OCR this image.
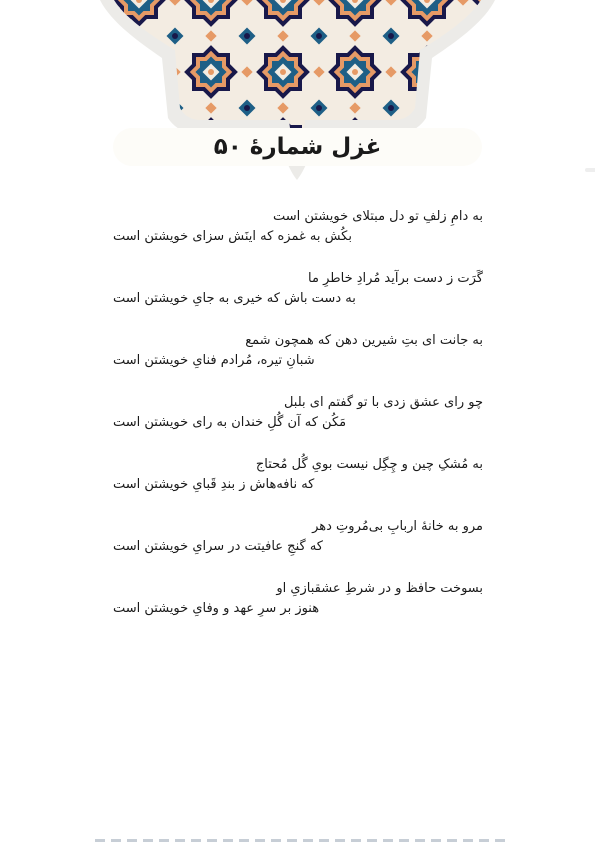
غزل شمارهٔ ۵۰
به دامِ زلفِ تو دل مبتلای خویشتن است
بکُش به غمزه که اینَش سزای خویشتن است
گَرَت ز دست برآید مُرادِ خاطرِ ما
به دست باش که خیری به جایِ خویشتن است
به جانت ای بتِ شیرین دهن که همچون شمع
شبانِ تیره، مُرادم فنایِ خویشتن است
چو رای عشق زدی با تو گفتم ای بلبل
مَکُن که آن گُلِ خندان به رای خویشتن است
به مُشکِ چین و چِگِل نیست بویِ گُل مُحتاج
که نافه‌هاش ز بندِ قَبایِ خویشتن است
مرو به خانهٔ اربابِ بی‌مُروتِ دهر
که گنجِ عافیتت در سرایِ خویشتن است
بسوخت حافظ و در شرطِ عشقبازیِ او
هنوز بر سرِ عهد و وفایِ خویشتن است
